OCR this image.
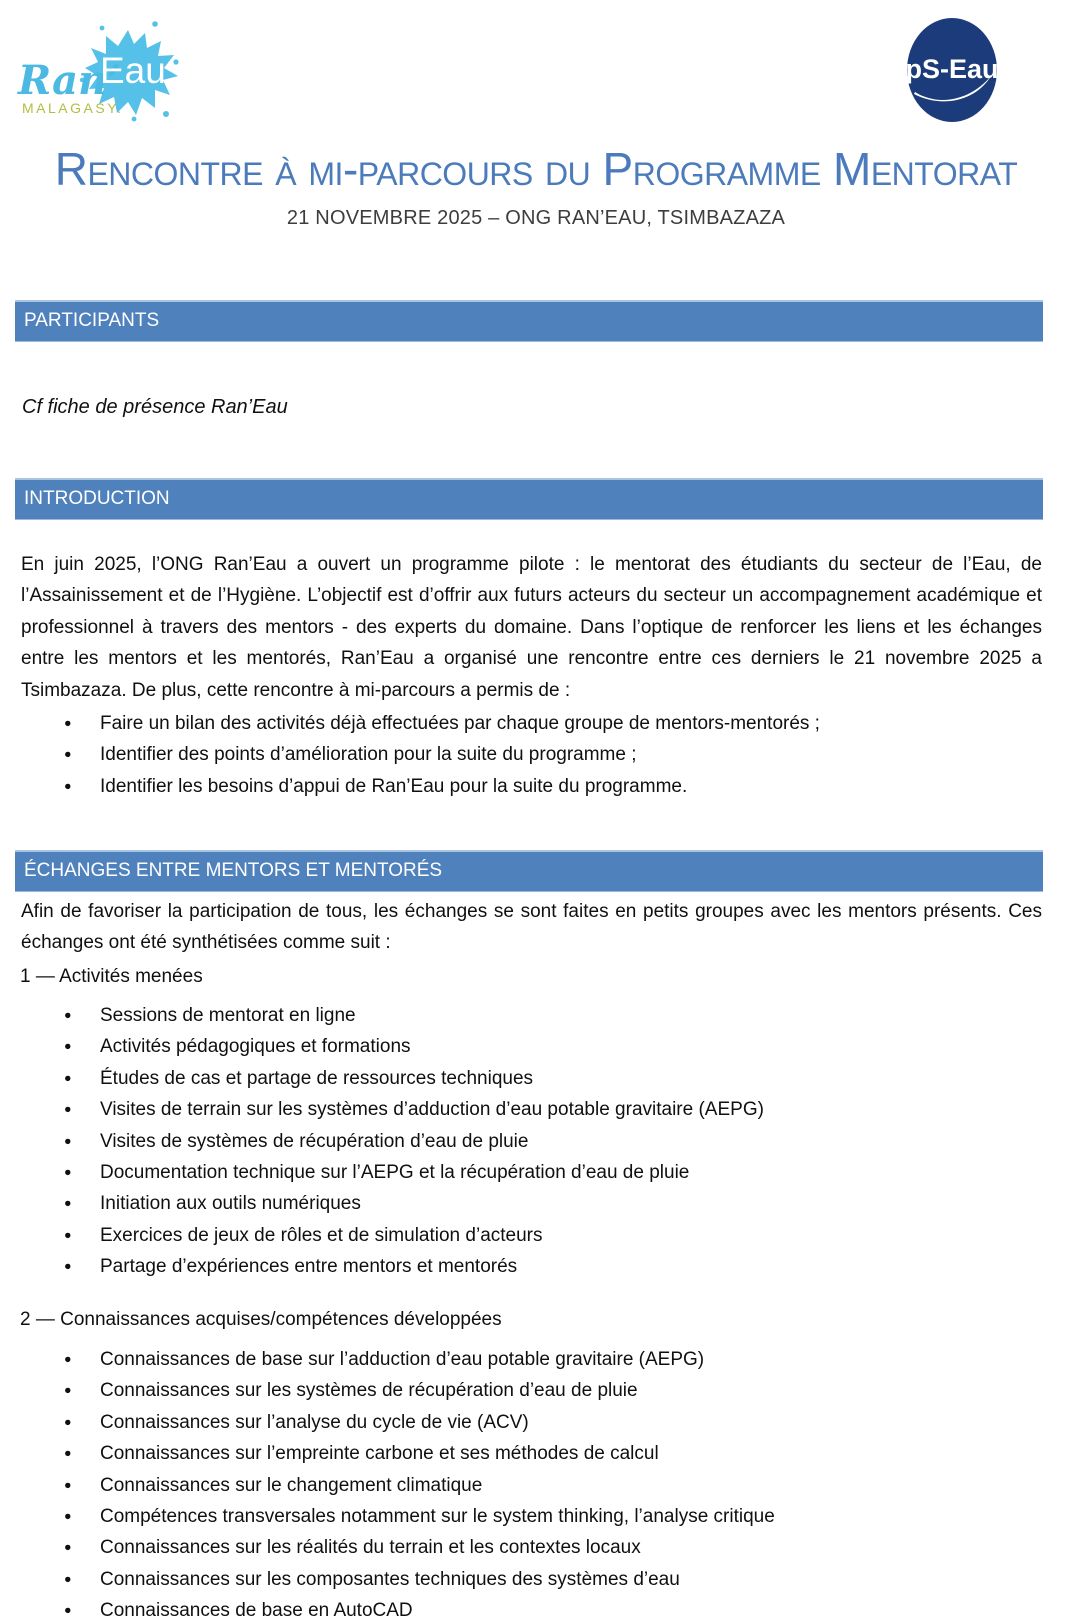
Ran’
Eau
MALAGASY.
pS-Eau
Rencontre à mi-parcours du Programme Mentorat
21 NOVEMBRE 2025 – ONG RAN’EAU, TSIMBAZAZA
PARTICIPANTS
Cf fiche de présence Ran’Eau
INTRODUCTION
En juin 2025, l’ONG Ran’Eau a ouvert un programme pilote : le mentorat des étudiants du secteur de l’Eau, de l’Assainissement et de l’Hygiène. L’objectif est d’offrir aux futurs acteurs du secteur un accompagnement académique et professionnel à travers des mentors - des experts du domaine. Dans l’optique de renforcer les liens et les échanges entre les mentors et les mentorés, Ran’Eau a organisé une rencontre entre ces derniers le 21 novembre 2025 a Tsimbazaza. De plus, cette rencontre à mi-parcours a permis de :
● Faire un bilan des activités déjà effectuées par chaque groupe de mentors-mentorés ;
● Identifier des points d’amélioration pour la suite du programme ;
● Identifier les besoins d’appui de Ran’Eau pour la suite du programme.
ÉCHANGES ENTRE MENTORS ET MENTORÉS
Afin de favoriser la participation de tous, les échanges se sont faites en petits groupes avec les mentors présents. Ces échanges ont été synthétisées comme suit :
1 — Activités menées
● Sessions de mentorat en ligne
● Activités pédagogiques et formations
● Études de cas et partage de ressources techniques
● Visites de terrain sur les systèmes d’adduction d’eau potable gravitaire (AEPG)
● Visites de systèmes de récupération d’eau de pluie
● Documentation technique sur l’AEPG et la récupération d’eau de pluie
● Initiation aux outils numériques
● Exercices de jeux de rôles et de simulation d’acteurs
● Partage d’expériences entre mentors et mentorés
2 — Connaissances acquises/compétences développées
● Connaissances de base sur l’adduction d’eau potable gravitaire (AEPG)
● Connaissances sur les systèmes de récupération d’eau de pluie
● Connaissances sur l’analyse du cycle de vie (ACV)
● Connaissances sur l’empreinte carbone et ses méthodes de calcul
● Connaissances sur le changement climatique
● Compétences transversales notamment sur le system thinking, l’analyse critique
● Connaissances sur les réalités du terrain et les contextes locaux
● Connaissances sur les composantes techniques des systèmes d’eau
● Connaissances de base en AutoCAD
